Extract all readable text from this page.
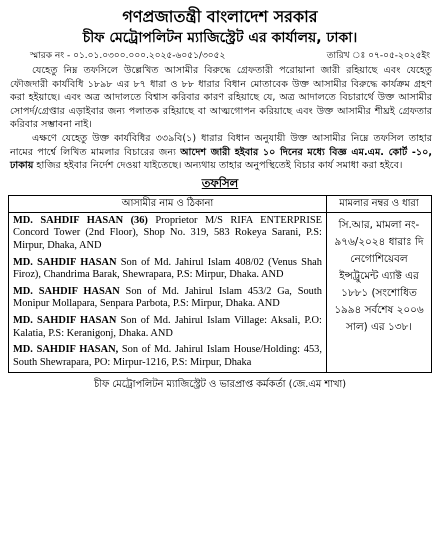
গণপ্রজাতন্ত্রী বাংলাদেশ সরকার
চীফ মেট্রোপলিটন ম্যাজিস্ট্রেট এর কার্যালয়, ঢাকা।
স্মারক নং - ০১.০১.০৩০০.০০০.২০২৫-৬০৫১/৩০৫২	তারিখ ঃ ০৭-০৫-২০২৫ইং

যেহেতু নিম্ন তফসিলে উল্লেখিত আসামীর বিরুদ্ধে গ্রেফতারী পরোয়ানা জারী রহিয়াছে এবং যেহেতু ফৌজদারী কার্যবিধি ১৮৯৮ এর ৮৭ ধারা ও ৮৮ ধারার বিধান মোতাবেক উক্ত আসামীর বিরুদ্ধে কার্যক্রম গ্রহণ করা হইয়াছে। এবং অত্র আদালতে বিশ্বাস করিবার কারণ রহিয়াছে যে, অত্র আদালতে বিচারার্থে উক্ত আসামীর সোপর্দ/গ্রেপ্তার এড়াইবার জন্য পলাতক রহিয়াছে বা আত্মগোপন করিয়াছে এবং উক্ত আসামীর শীঘ্রই গ্রেফতার করিবার সম্ভাবনা নাই।

এক্ষণে যেহেতু উক্ত কার্যবিধির ৩৩৯বি(১) ধারার বিধান অনুযায়ী উক্ত আসামীর নিম্নে তফসিল তাহার নামের পার্শ্বে লিখিত মামলার বিচারের জন্য আদেশ জারী হইবার ১০ দিনের মধ্যে বিজ্ঞ এম.এম. কোর্ট -১০, ঢাকায় হাজির হইবার নির্দেশ দেওয়া যাইতেছে। অন্যথায় তাহার অনুপস্থিতেই বিচার কার্য সমাধা করা হইবে।

তফসিল
আসামীর নাম ও ঠিকানা	মামলার নম্বর ও ধারা

MD. SAHDIF HASAN (36) Proprietor M/S RIFA ENTERPRISE Concord Tower (2nd Floor), Shop No. 319, 583 Rokeya Sarani, P.S: Mirpur, Dhaka, AND
MD. SAHDIF HASAN Son of Md. Jahirul Islam 408/02 (Venus Shah Firoz), Chandrima Barak, Shewrapara, P.S: Mirpur, Dhaka. AND
MD. SAHDIF HASAN Son of Md. Jahirul Islam 453/2 Ga, South Monipur Mollapara, Senpara Parbota, P.S: Mirpur, Dhaka. AND
MD. SAHDIF HASAN Son of Md. Jahirul Islam Village: Aksali, P.O: Kalatia, P.S: Keranigonj, Dhaka. AND
MD. SAHDIF HASAN, Son of Md. Jahirul Islam House/Holding: 453, South Shewrapara, PO: Mirpur-1216, P.S: Mirpur, Dhaka	সি.আর, মামলা নং- ৯৭৬/২০২৪ ধারাঃ দি নেগোশিয়েবল ইন্সট্রুমেন্ট এ্যাক্ট এর ১৮৮১ (সংশোধিত ১৯৯৪ সর্বশেষ ২০০৬ সাল) এর ১৩৮।
চীফ মেট্রোপলিটন ম্যাজিস্ট্রেট ও ভারপ্রাপ্ত কর্মকর্তা (জে.এম শাখা)
